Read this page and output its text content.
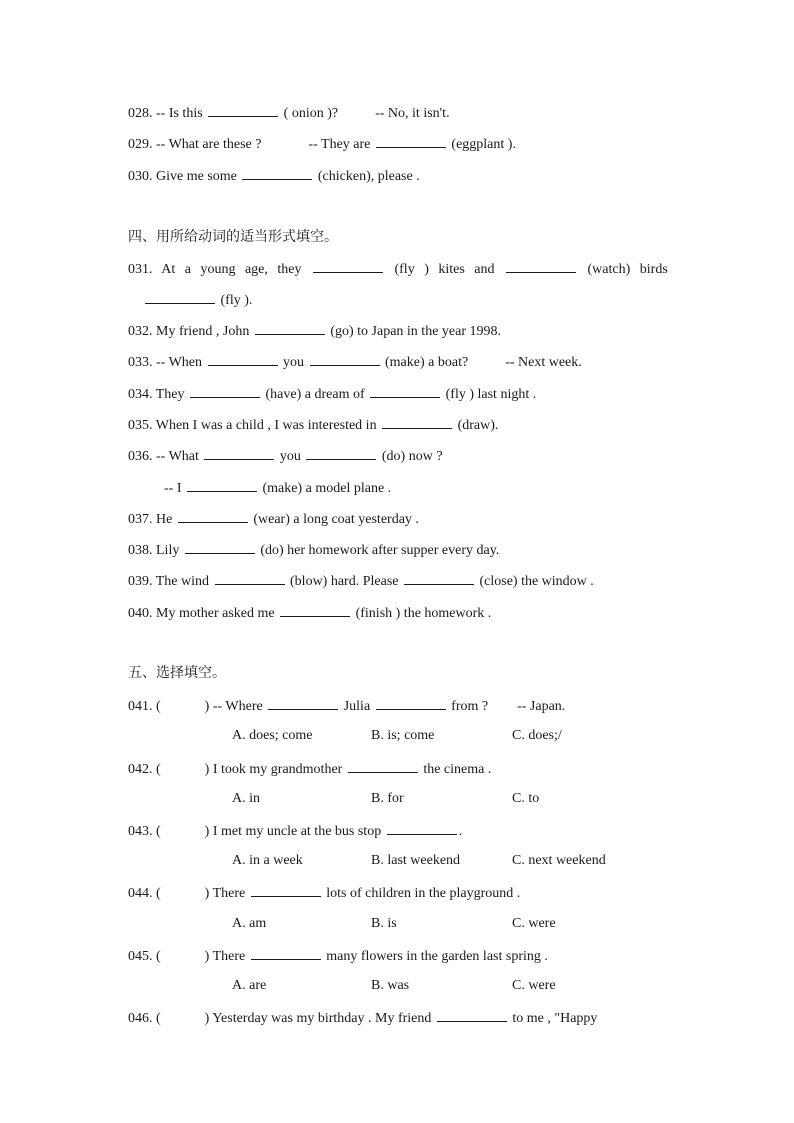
028. -- Is this	( onion )?	-- No, it isn't.
029. -- What are these ?	-- They are	(eggplant ).
030. Give me some	(chicken), please .
四、用所给动词的适当形式填空。
031. At a young age, they	(fly ) kites and	(watch) birds
(fly ).
032. My friend , John	(go) to Japan in the year 1998.
033. -- When	you	(make) a boat?	-- Next week.
034. They	(have) a dream of	(fly ) last night .
035. When I was a child , I was interested in	(draw).
036. -- What	you	(do) now ?
-- I	(make) a model plane .
037. He	(wear) a long coat yesterday .
038. Lily	(do) her homework after supper every day.
039. The wind	(blow) hard. Please	(close) the window .
040. My mother asked me	(finish ) the homework .
五、选择填空。
041. (	) -- Where	Julia	from ? -- Japan.
A. does; come	B. is; come	C. does;/
042. (	) I took my grandmother	the cinema .
A. in	B. for	C. to
043. (	) I met my uncle at the bus stop	.
A. in a week	B. last weekend	C. next weekend
044. (	) There	lots of children in the playground .
A. am	B. is	C. were
045. (	) There	many flowers in the garden last spring .
A. are	B. was	C. were
046. (	) Yesterday was my birthday . My friend	to me , "Happy
